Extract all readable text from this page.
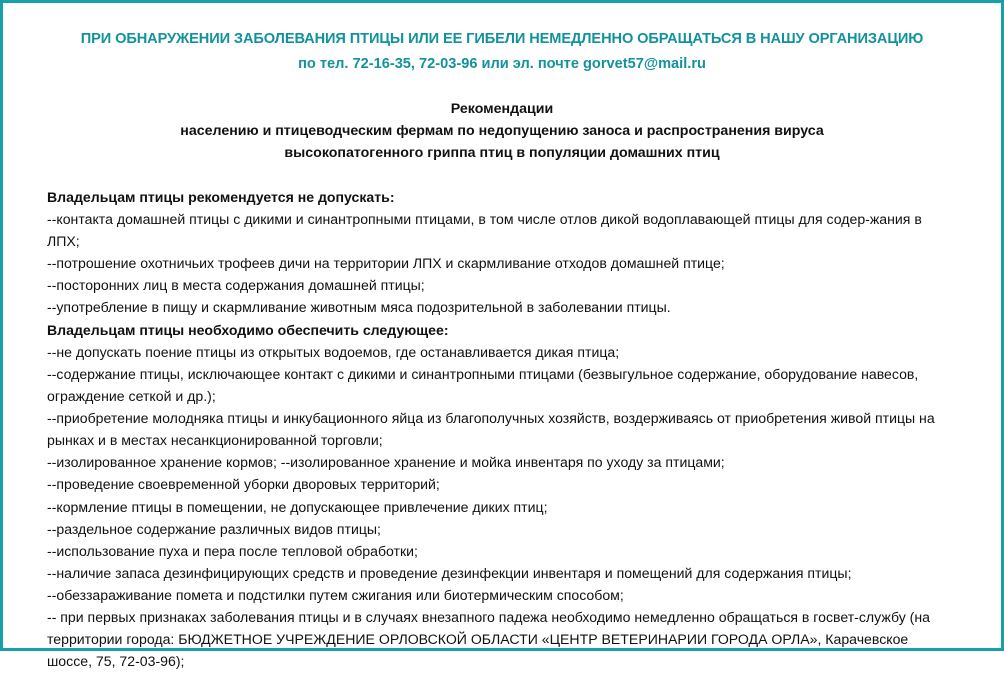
ПРИ ОБНАРУЖЕНИИ ЗАБОЛЕВАНИЯ ПТИЦЫ ИЛИ ЕЕ ГИБЕЛИ НЕМЕДЛЕННО ОБРАЩАТЬСЯ В НАШУ ОРГАНИЗАЦИЮ
по тел. 72-16-35, 72-03-96 или эл. почте gorvet57@mail.ru
Рекомендации
населению и птицеводческим фермам по недопущению заноса и распространения вируса
высокопатогенного гриппа птиц в популяции домашних птиц
Владельцам птицы рекомендуется не допускать:

--контакта домашней птицы с дикими и синантропными птицами, в том числе отлов дикой водоплавающей птицы для содер-жания в ЛПХ;

--потрошение охотничьих трофеев дичи на территории ЛПХ и скармливание отходов домашней птице;

--посторонних лиц в места содержания домашней птицы;

--употребление в пищу и скармливание животным мяса подозрительной в заболевании птицы.

Владельцам птицы необходимо обеспечить следующее:

--не допускать поение птицы из открытых водоемов, где останавливается дикая птица;

--содержание птицы, исключающее контакт с дикими и синантропными птицами (безвыгульное содержание, оборудование навесов, ограждение сеткой и др.);

--приобретение молодняка птицы и инкубационного яйца из благополучных хозяйств, воздерживаясь от приобретения живой птицы на рынках и в местах несанкционированной торговли;

--изолированное хранение кормов; --изолированное хранение и мойка инвентаря по уходу за птицами;

--проведение своевременной уборки дворовых территорий;

--кормление птицы в помещении, не допускающее привлечение диких птиц;

--раздельное содержание различных видов птицы;

--использование пуха и пера после тепловой обработки;

--наличие запаса дезинфицирующих средств и проведение дезинфекции инвентаря и помещений для содержания птицы;

--обеззараживание помета и подстилки путем сжигания или биотермическим способом;

-- при первых признаках заболевания птицы и в случаях внезапного падежа необходимо немедленно обращаться в госвет-службу (на территории города: БЮДЖЕТНОЕ УЧРЕЖДЕНИЕ ОРЛОВСКОЙ ОБЛАСТИ «ЦЕНТР ВЕТЕРИНАРИИ ГОРОДА ОРЛА», Карачевское шоссе, 75, 72-03-96);
